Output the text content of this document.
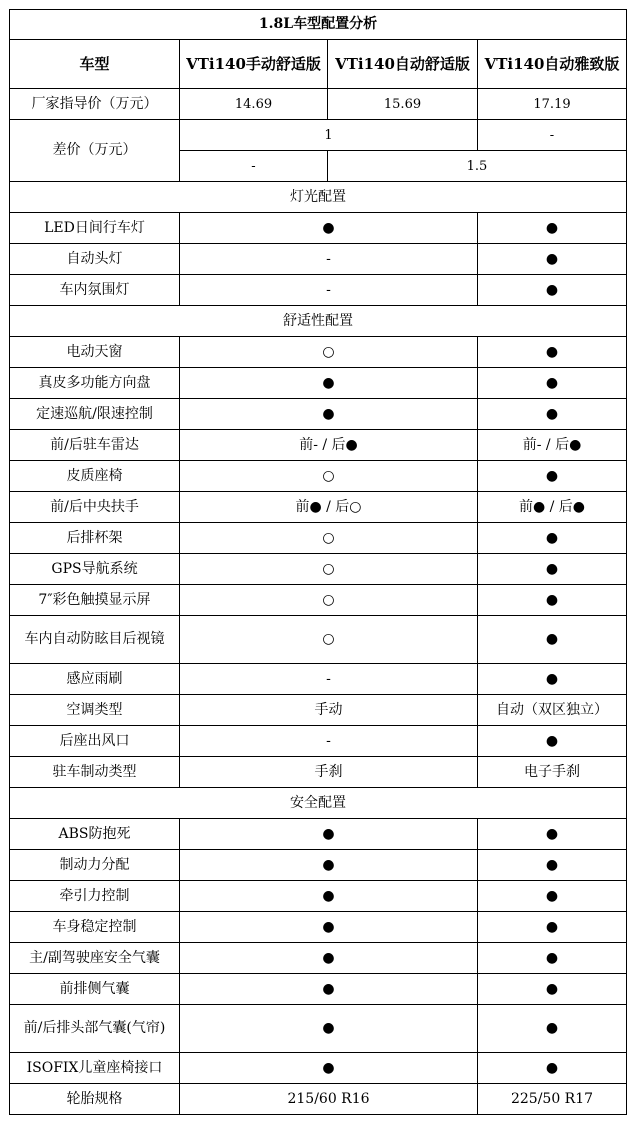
1.8L车型配置分析			
车型	VTi140手动舒适版	VTi140自动舒适版	VTi140自动雅致版
厂家指导价（万元）	14.69	15.69	17.19
差价（万元）	1		-
	-	1.5	
灯光配置			
LED日间行车灯	●		●
自动头灯	-		●
车内氛围灯	-		●
舒适性配置			
电动天窗	○		●
真皮多功能方向盘	●		●
定速巡航/限速控制	●		●
前/后驻车雷达	前- / 后●		前- / 后●
皮质座椅	○		●
前/后中央扶手	前● / 后○		前● / 后●
后排杯架	○		●
GPS导航系统	○		●
7″彩色触摸显示屏	○		●
车内自动防眩目后视镜	○		●
感应雨刷	-		●
空调类型	手动		自动（双区独立）
后座出风口	-		●
驻车制动类型	手刹		电子手刹
安全配置			
ABS防抱死	●		●
制动力分配	●		●
牵引力控制	●		●
车身稳定控制	●		●
主/副驾驶座安全气囊	●		●
前排侧气囊	●		●
前/后排头部气囊(气帘)	●		●
ISOFIX儿童座椅接口	●		●
轮胎规格	215/60 R16		225/50 R17
